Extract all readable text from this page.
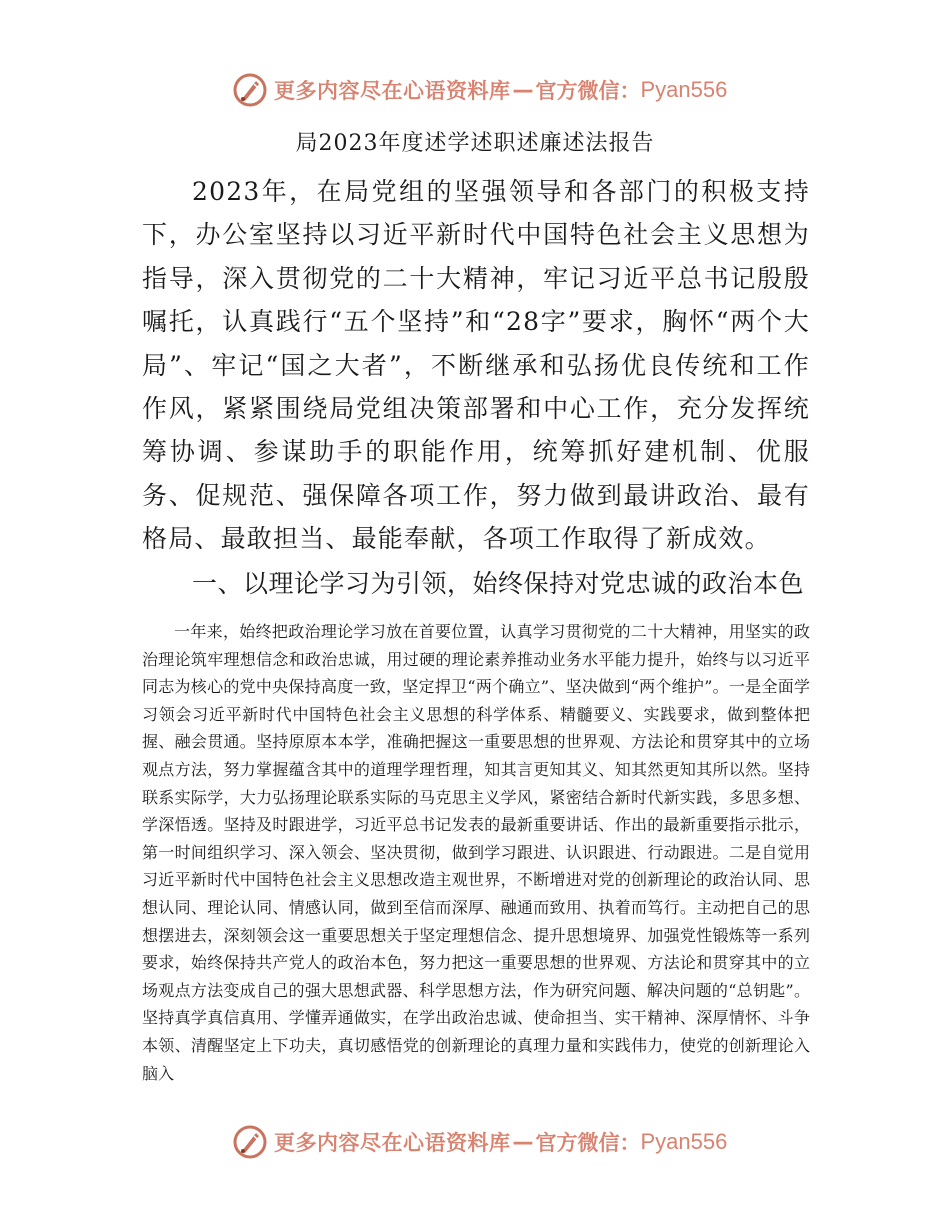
更多内容尽在心语资料库 — 官方微信： Pyan556
局2023年度述学述职述廉述法报告

2023年，在局党组的坚强领导和各部门的积极支持下，办公室坚持以习近平新时代中国特色社会主义思想为指导，深入贯彻党的二十大精神，牢记习近平总书记殷殷嘱托，认真践行“五个坚持”和“28字”要求，胸怀“两个大局”、牢记“国之大者”，不断继承和弘扬优良传统和工作作风，紧紧围绕局党组决策部署和中心工作，充分发挥统筹协调、参谋助手的职能作用，统筹抓好建机制、优服务、促规范、强保障各项工作，努力做到最讲政治、最有格局、最敢担当、最能奉献，各项工作取得了新成效。

一、以理论学习为引领，始终保持对党忠诚的政治本色

一年来，始终把政治理论学习放在首要位置，认真学习贯彻党的二十大精神，用坚实的政治理论筑牢理想信念和政治忠诚，用过硬的理论素养推动业务水平能力提升，始终与以习近平同志为核心的党中央保持高度一致，坚定捍卫“两个确立”、坚决做到“两个维护”。一是全面学习领会习近平新时代中国特色社会主义思想的科学体系、精髓要义、实践要求，做到整体把握、融会贯通。坚持原原本本学，准确把握这一重要思想的世界观、方法论和贯穿其中的立场观点方法，努力掌握蕴含其中的道理学理哲理，知其言更知其义、知其然更知其所以然。坚持联系实际学，大力弘扬理论联系实际的马克思主义学风，紧密结合新时代新实践，多思多想、学深悟透。坚持及时跟进学，习近平总书记发表的最新重要讲话、作出的最新重要指示批示，第一时间组织学习、深入领会、坚决贯彻，做到学习跟进、认识跟进、行动跟进。二是自觉用习近平新时代中国特色社会主义思想改造主观世界，不断增进对党的创新理论的政治认同、思想认同、理论认同、情感认同，做到至信而深厚、融通而致用、执着而笃行。主动把自己的思想摆进去，深刻领会这一重要思想关于坚定理想信念、提升思想境界、加强党性锻炼等一系列要求，始终保持共产党人的政治本色，努力把这一重要思想的世界观、方法论和贯穿其中的立场观点方法变成自己的强大思想武器、科学思想方法，作为研究问题、解决问题的“总钥匙”。坚持真学真信真用、学懂弄通做实，在学出政治忠诚、使命担当、实干精神、深厚情怀、斗争本领、清醒坚定上下功夫，真切感悟党的创新理论的真理力量和实践伟力，使党的创新理论入脑入

更多内容尽在心语资料库 — 官方微信： Pyan556
